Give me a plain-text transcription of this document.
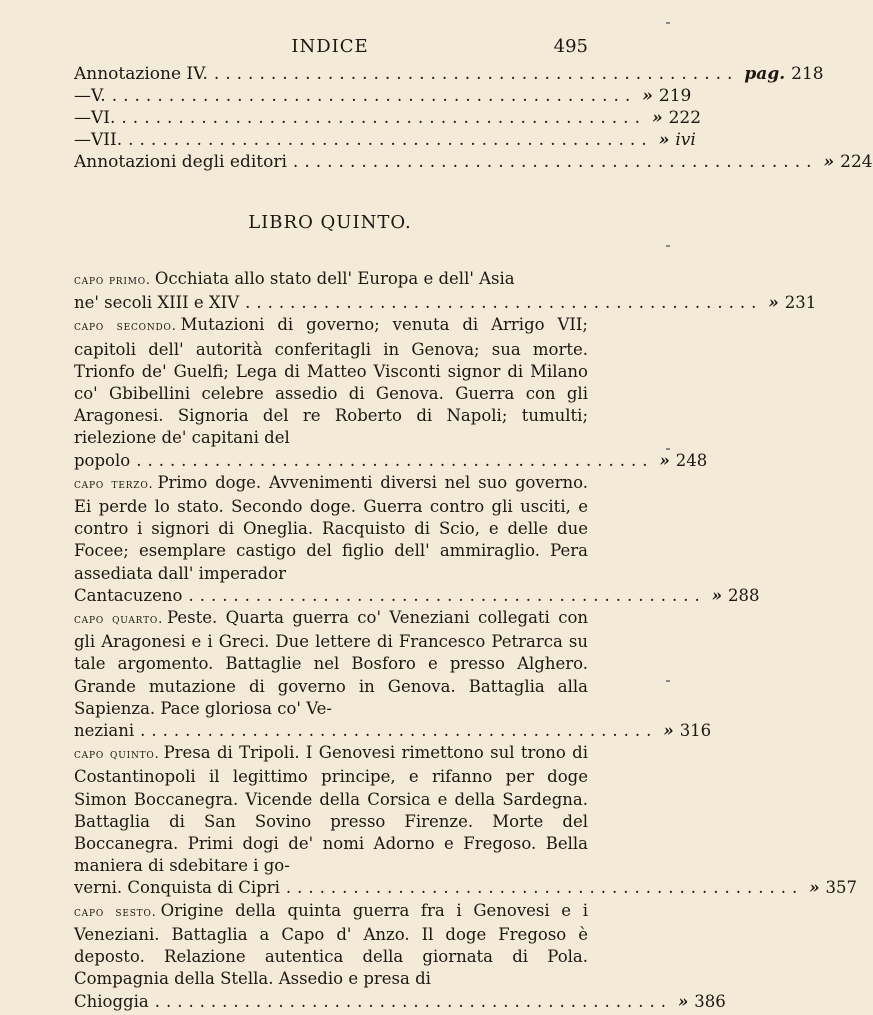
INDICE	495
Annotazione IV. .............................................. pag. 218
— V. .............................................. » 219
— VI. .............................................. » 222
— VII. .............................................. » ivi
Annotazioni degli editori .............................................. » 224
LIBRO QUINTO.
capo primo. Occhiata allo stato dell' Europa e dell' Asia
ne' secoli XIII e XIV .............................................. » 231
capo secondo. Mutazioni di governo; venuta di Arrigo VII; capitoli dell' autorità conferitagli in Genova; sua morte. Trionfo de' Guelfi; Lega di Matteo Visconti signor di Milano co' Gbibellini celebre assedio di Genova. Guerra con gli Aragonesi. Signoria del re Roberto di Napoli; tumulti; rielezione de' capitani del
popolo .............................................. » 248
capo terzo. Primo doge. Avvenimenti diversi nel suo governo. Ei perde lo stato. Secondo doge. Guerra contro gli usciti, e contro i signori di Oneglia. Racquisto di Scio, e delle due Focee; esemplare castigo del figlio dell' ammiraglio. Pera assediata dall' imperador
Cantacuzeno .............................................. » 288
capo quarto. Peste. Quarta guerra co' Veneziani collegati con gli Aragonesi e i Greci. Due lettere di Francesco Petrarca su tale argomento. Battaglie nel Bosforo e presso Alghero. Grande mutazione di governo in Genova. Battaglia alla Sapienza. Pace gloriosa co' Ve-
neziani .............................................. » 316
capo quinto. Presa di Tripoli. I Genovesi rimettono sul trono di Costantinopoli il legittimo principe, e rifanno per doge Simon Boccanegra. Vicende della Corsica e della Sardegna. Battaglia di San Sovino presso Firenze. Morte del Boccanegra. Primi dogi de' nomi Adorno e Fregoso. Bella maniera di sdebitare i go-
verni. Conquista di Cipri .............................................. » 357
capo sesto. Origine della quinta guerra fra i Genovesi e i Veneziani. Battaglia a Capo d' Anzo. Il doge Fregoso è deposto. Relazione autentica della giornata di Pola. Compagnia della Stella. Assedio e presa di
Chioggia .............................................. » 386
